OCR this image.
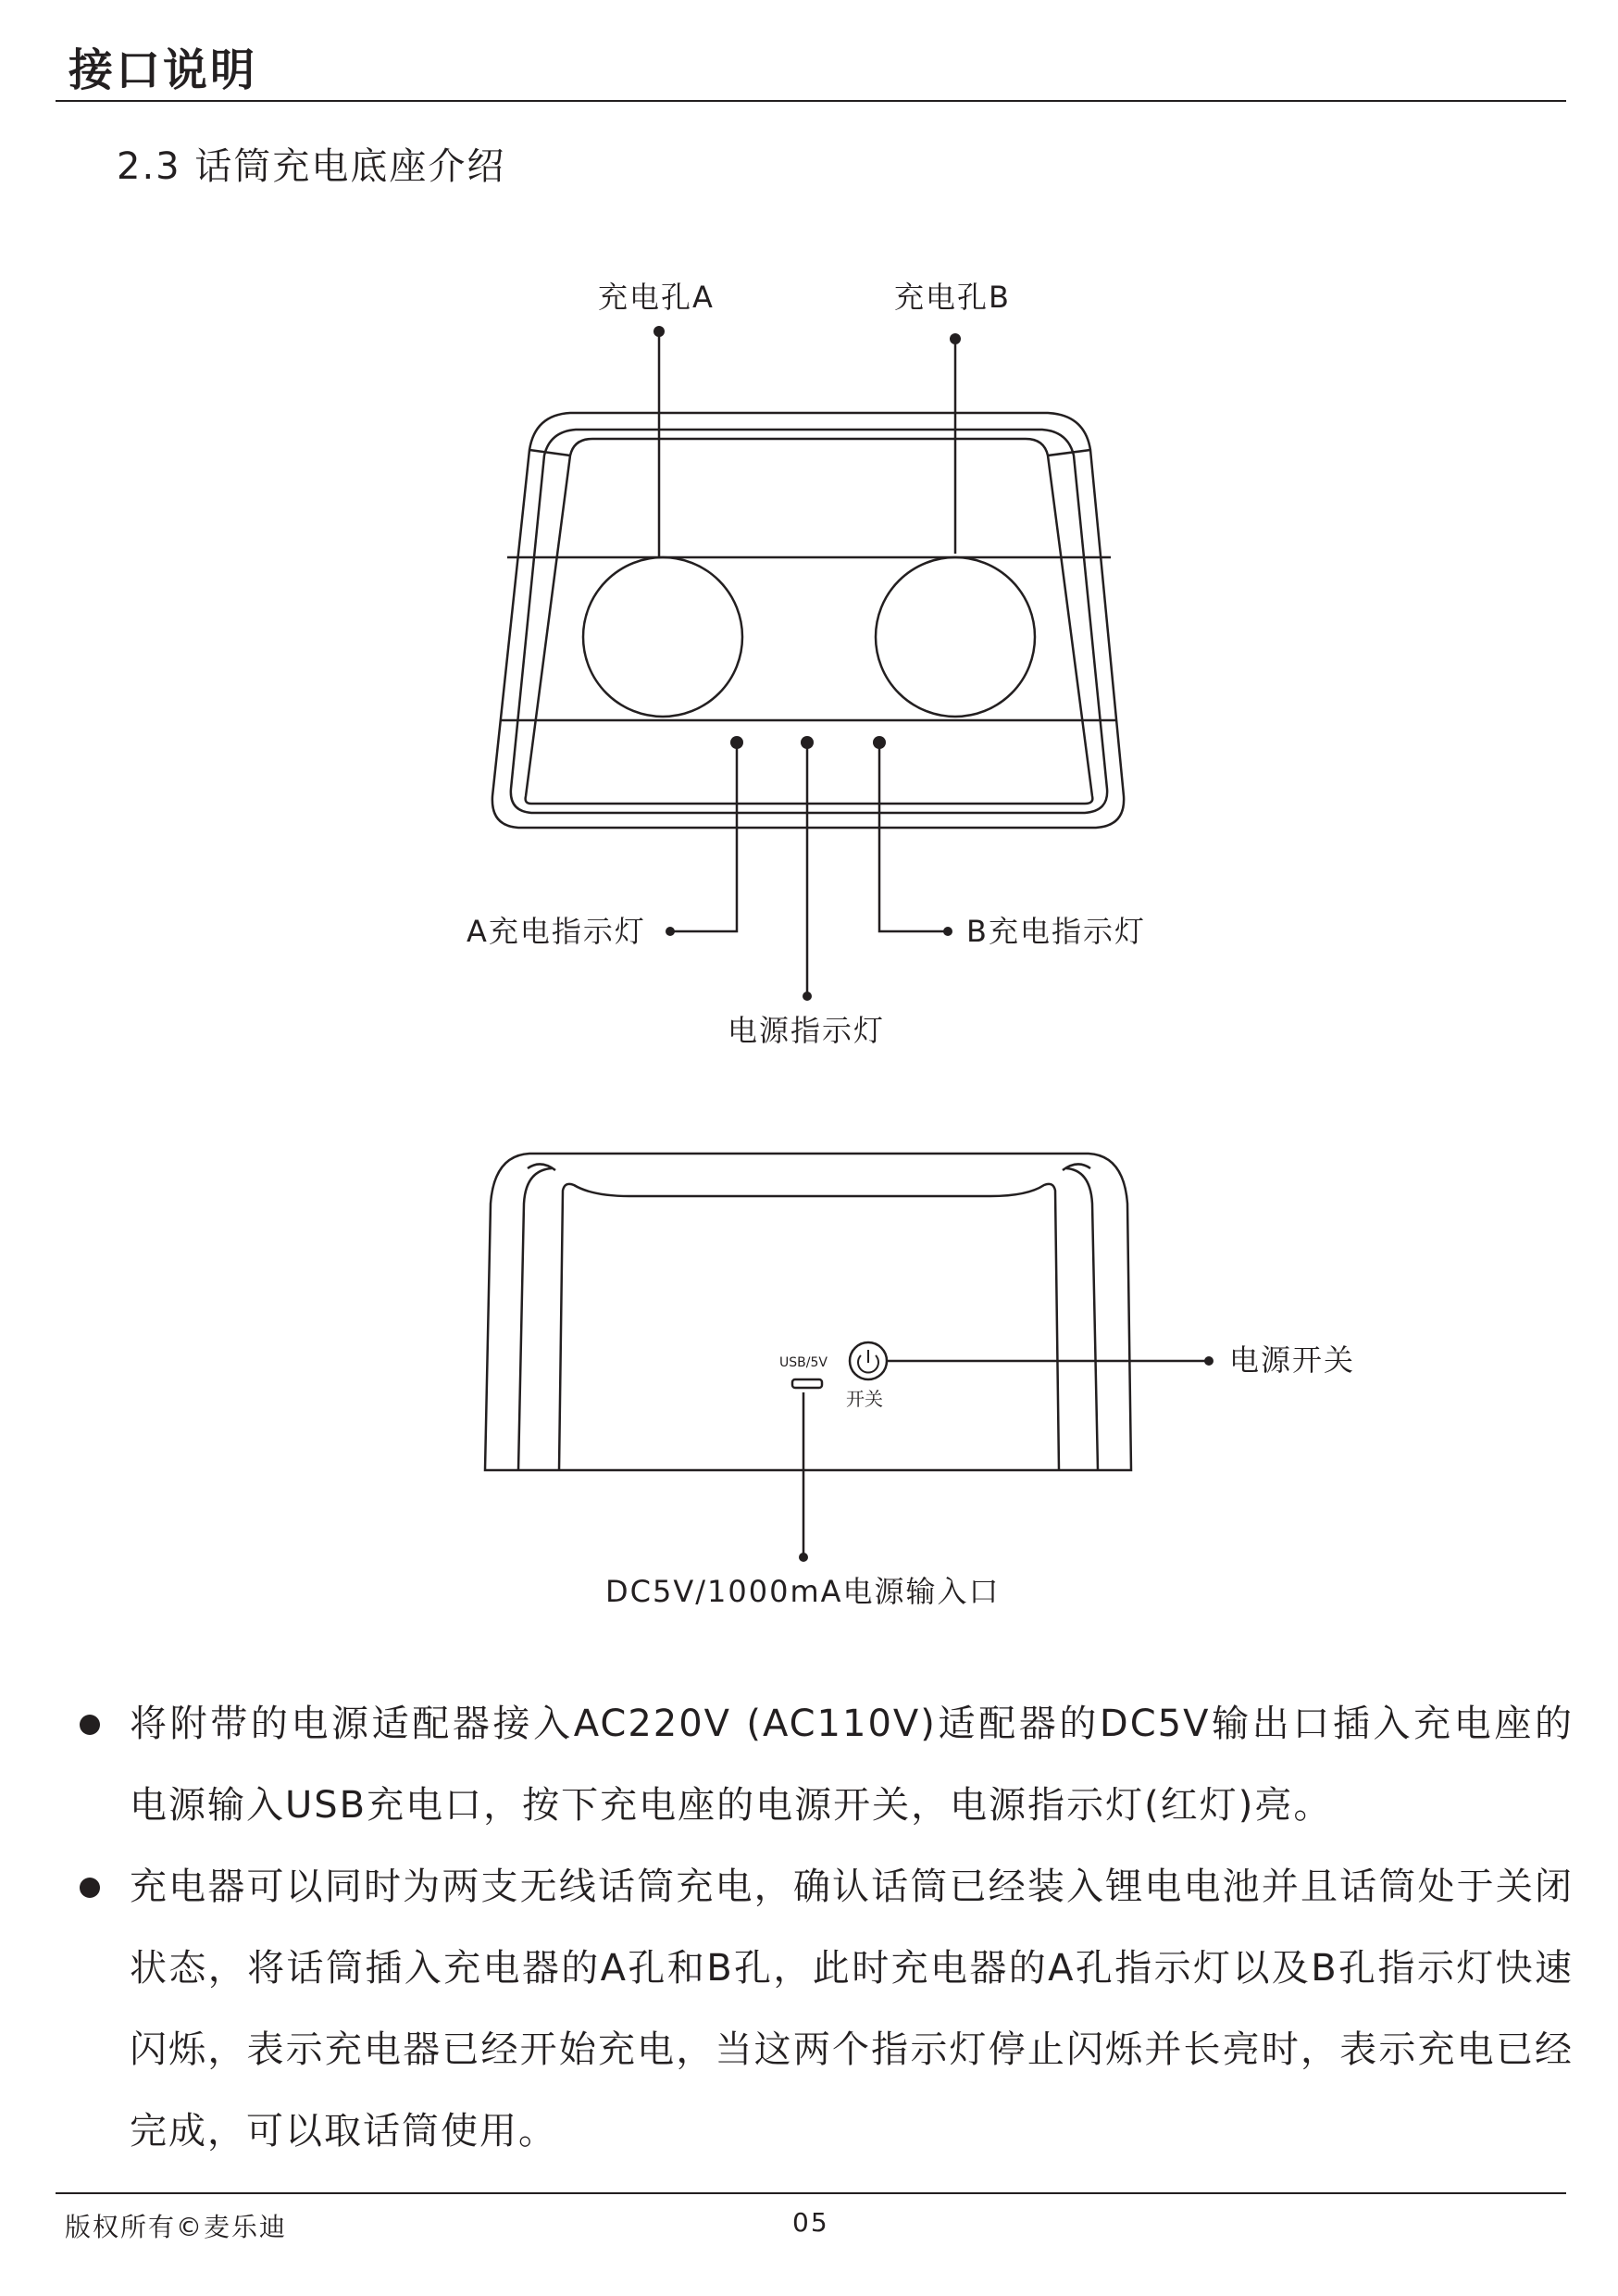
接口说明
2.3 话筒充电底座介绍
充电孔A	充电孔B
A充电指示灯	B充电指示灯
电源指示灯
USB/5V
开关
电源开关
DC5V/1000mA电源输入口
将附带的电源适配器接入AC220V (AC110V)适配器的DC5V输出口插入充电座的电源输入USB充电口，按下充电座的电源开关，电源指示灯(红灯)亮。
充电器可以同时为两支无线话筒充电，确认话筒已经装入锂电电池并且话筒处于关闭状态，将话筒插入充电器的A孔和B孔，此时充电器的A孔指示灯以及B孔指示灯快速闪烁，表示充电器已经开始充电，当这两个指示灯停止闪烁并长亮时，表示充电已经完成，可以取话筒使用。
版权所有©麦乐迪	05
